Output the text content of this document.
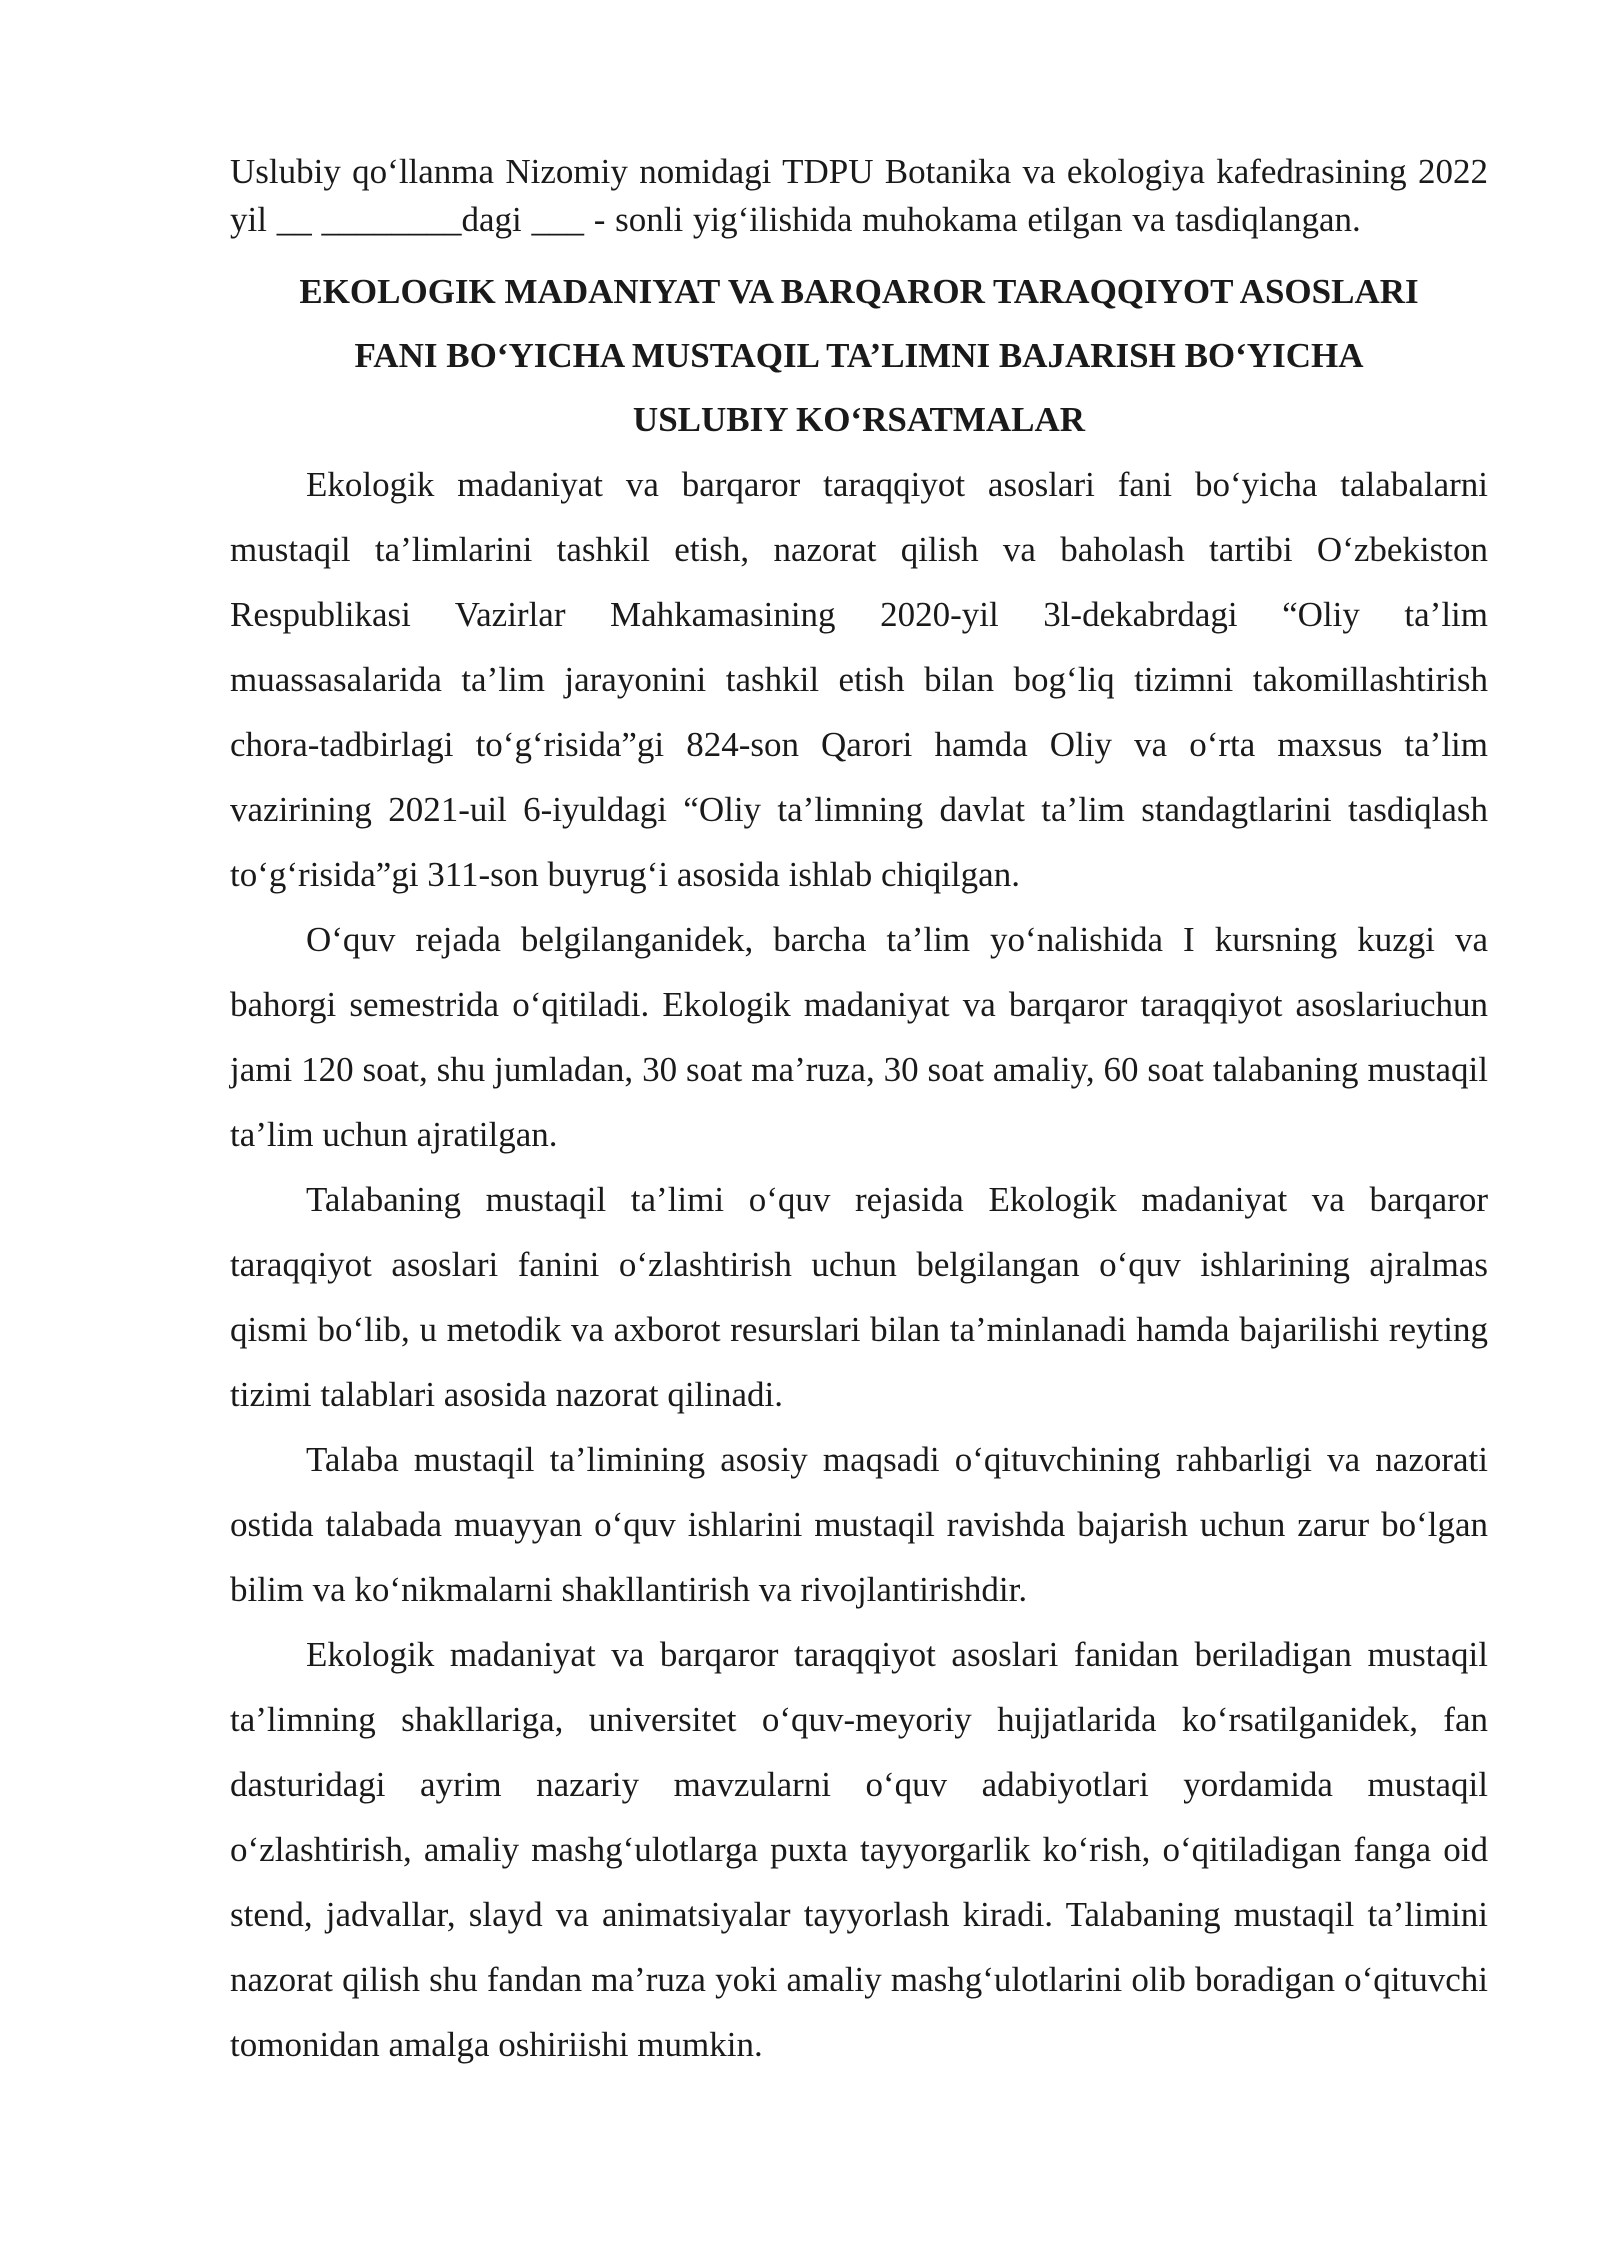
Uslubiy qo‘llanma Nizomiy nomidagi TDPU Botanika va ekologiya kafedrasining 2022 yil __ ________dagi ___ - sonli yig‘ilishida muhokama etilgan va tasdiqlangan.

EKOLOGIK MADANIYAT VA BARQAROR TARAQQIYOT ASOSLARI
FANI BO‘YICHA MUSTAQIL TA’LIMNI BAJARISH BO‘YICHA
USLUBIY KO‘RSATMALAR

Ekologik madaniyat va barqaror taraqqiyot asoslari fani bo‘yicha talabalarni mustaqil ta’limlarini tashkil etish, nazorat qilish va baholash tartibi O‘zbekiston Respublikasi Vazirlar Mahkamasining 2020-yil 3l-dekabrdagi “Oliy ta’lim muassasalarida ta’lim jarayonini tashkil etish bilan bog‘liq tizimni takomillashtirish chora-tadbirlagi to‘g‘risida”gi 824-son Qarori hamda Oliy va o‘rta maxsus ta’lim vazirining 2021-uil 6-iyuldagi “Oliy ta’limning davlat ta’lim standagtlarini tasdiqlash to‘g‘risida”gi 311-son buyrug‘i asosida ishlab chiqilgan.

O‘quv rejada belgilanganidek, barcha ta’lim yo‘nalishida I kursning kuzgi va bahorgi semestrida o‘qitiladi. Ekologik madaniyat va barqaror taraqqiyot asoslariuchun jami 120 soat, shu jumladan, 30 soat ma’ruza, 30 soat amaliy, 60 soat talabaning mustaqil ta’lim uchun ajratilgan.

Talabaning mustaqil ta’limi o‘quv rejasida Ekologik madaniyat va barqaror taraqqiyot asoslari fanini o‘zlashtirish uchun belgilangan o‘quv ishlarining ajralmas qismi bo‘lib, u metodik va axborot resurslari bilan ta’minlanadi hamda bajarilishi reyting tizimi talablari asosida nazorat qilinadi.

Talaba mustaqil ta’limining asosiy maqsadi o‘qituvchining rahbarligi va nazorati ostida talabada muayyan o‘quv ishlarini mustaqil ravishda bajarish uchun zarur bo‘lgan bilim va ko‘nikmalarni shakllantirish va rivojlantirishdir.

Ekologik madaniyat va barqaror taraqqiyot asoslari fanidan beriladigan mustaqil ta’limning shakllariga, universitet o‘quv-meyoriy hujjatlarida ko‘rsatilganidek, fan dasturidagi ayrim nazariy mavzularni o‘quv adabiyotlari yordamida mustaqil o‘zlashtirish, amaliy mashg‘ulotlarga puxta tayyorgarlik ko‘rish, o‘qitiladigan fanga oid stend, jadvallar, slayd va animatsiyalar tayyorlash kiradi. Talabaning mustaqil ta’limini nazorat qilish shu fandan ma’ruza yoki amaliy mashg‘ulotlarini olib boradigan o‘qituvchi tomonidan amalga oshiriishi mumkin.
